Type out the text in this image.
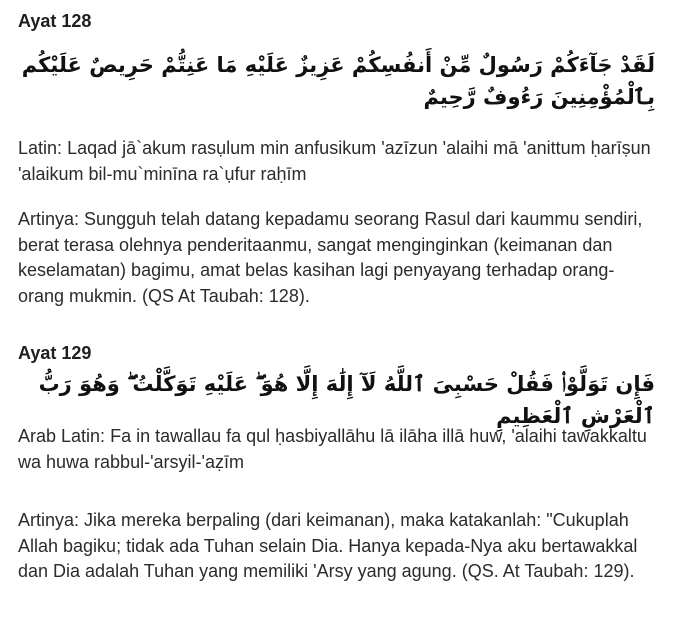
Ayat 128
لَقَدْ جَآءَكُمْ رَسُولٌ مِّنْ أَنفُسِكُمْ عَزِيزٌ عَلَيْهِ مَا عَنِتُّمْ حَرِيصٌ عَلَيْكُم بِٱلْمُؤْمِنِينَ رَءُوفٌ رَّحِيمٌ

Latin: Laqad jā`akum rasụlum min anfusikum 'azīzun 'alaihi mā 'anittum ḥarīṣun 'alaikum bil-mu`minīna ra`ụfur raḥīm

Artinya: Sungguh telah datang kepadamu seorang Rasul dari kaummu sendiri, berat terasa olehnya penderitaanmu, sangat menginginkan (keimanan dan keselamatan) bagimu, amat belas kasihan lagi penyayang terhadap orang-orang mukmin. (QS At Taubah: 128).

Ayat 129
فَإِن تَوَلَّوْا۟ فَقُلْ حَسْبِىَ ٱللَّهُ لَآ إِلَٰهَ إِلَّا هُوَ ۖ عَلَيْهِ تَوَكَّلْتُ ۖ وَهُوَ رَبُّ ٱلْعَرْشِ ٱلْعَظِيمِ

Arab Latin: Fa in tawallau fa qul ḥasbiyallāhu lā ilāha illā huw, 'alaihi tawakkaltu wa huwa rabbul-'arsyil-'aẓīm

Artinya: Jika mereka berpaling (dari keimanan), maka katakanlah: "Cukuplah Allah bagiku; tidak ada Tuhan selain Dia. Hanya kepada-Nya aku bertawakkal dan Dia adalah Tuhan yang memiliki 'Arsy yang agung. (QS. At Taubah: 129).
